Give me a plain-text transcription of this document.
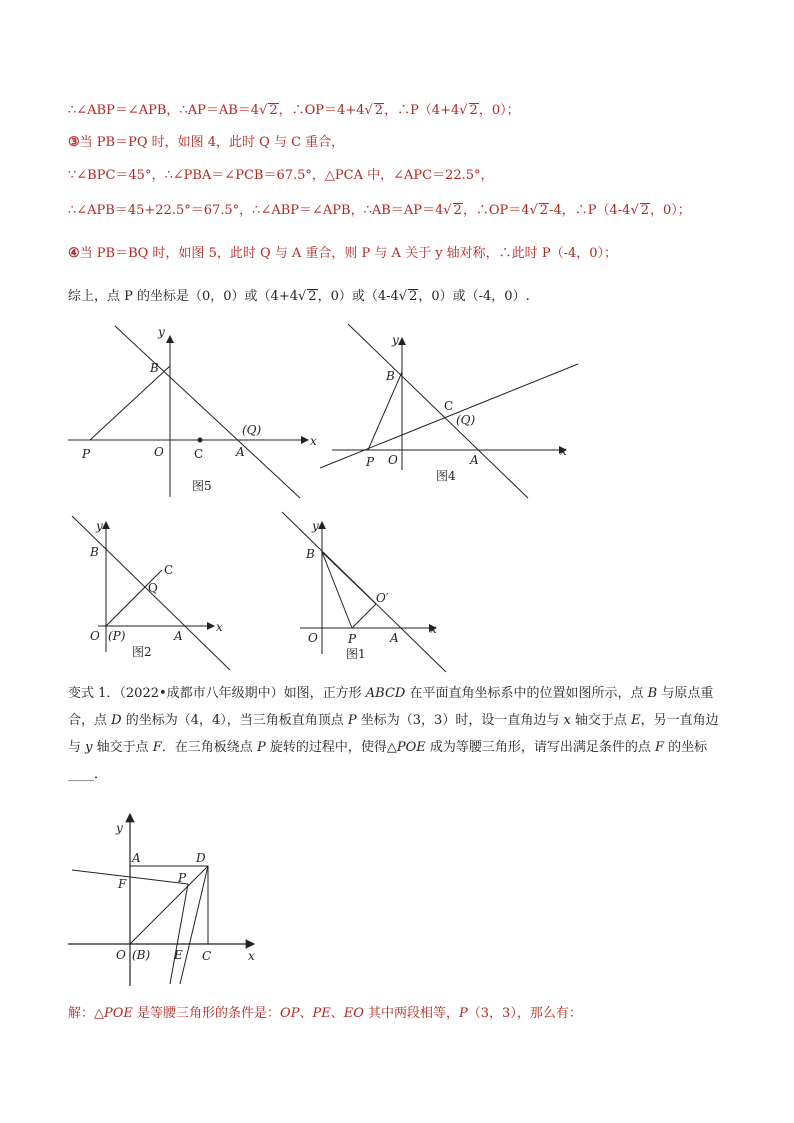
∴∠ABP＝∠APB，∴AP＝AB＝4√ 2，∴OP＝4+4√ 2，∴P（4+4√ 2，0）；
③当 PB＝PQ 时，如图 4，此时 Q 与 C 重合，
∵∠BPC＝45°，∴∠PBA＝∠PCB＝67.5°，△PCA 中，∠APC＝22.5°，
∴∠APB＝45+22.5°＝67.5°，∴∠ABP＝∠APB，∴AB＝AP＝4√ 2，∴OP＝4√ 2-4，∴P（4-4√ 2，0）；
④当 PB＝BQ 时，如图 5，此时 Q 与 A 重合，则 P 与 A 关于 y 轴对称，∴此时 P（-4，0）；
综上，点 P 的坐标是（0，0）或（4+4√ 2，0）或（4-4√ 2，0）或（-4，0）.
y
x
B
P	O	C	A
(Q)
图5
y
x
B
C
(Q)
P O	A
图4
y
x
B
C
Q
O (P)	A
图2
y
x
B
O′
O	P	A
图1
变式 1．（2022•成都市八年级期中）如图，正方形 ABCD 在平面直角坐标系中的位置如图所示，点 B 与原点重合，点 D 的坐标为（4，4），当三角板直角顶点 P 坐标为（3，3）时，设一直角边与 x 轴交于点 E，另一直角边与 y 轴交于点 F．在三角板绕点 P 旋转的过程中，使得△POE 成为等腰三角形，请写出满足条件的点 F 的坐标____．
y
x
A	D
F	P
O (B) E C
解：△POE 是等腰三角形的条件是：OP、PE、EO 其中两段相等，P（3，3），那么有：
